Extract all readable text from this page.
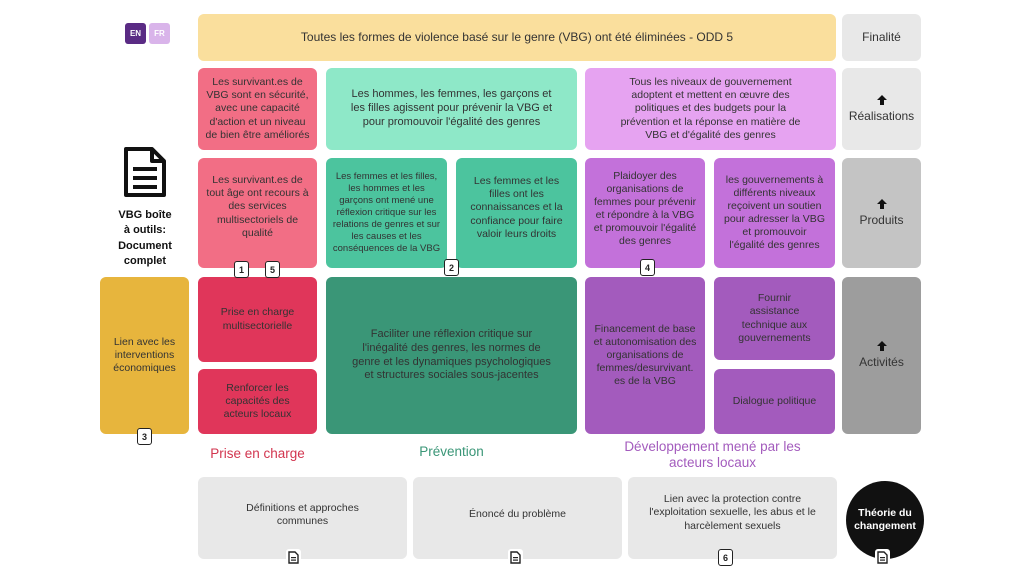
EN	FR
VBG boîte
à outils:
Document
complet
Toutes les formes de violence basé sur le genre (VBG) ont été éliminées - ODD 5	Finalité
Réalisations
Produits
Activités
Les survivant.es de VBG sont en sécurité, avec une capacité d'action et un niveau de bien être améliorés
Les hommes, les femmes, les garçons et les filles agissent pour prévenir la VBG et pour promouvoir l'égalité des genres
Tous les niveaux de gouvernement adoptent et mettent en œuvre des politiques et des budgets pour la prévention et la réponse en matière de VBG et d'égalité des genres
Les survivant.es de tout âge ont recours à des services multisectoriels de qualité
Les femmes et les filles, les hommes et les garçons ont mené une réflexion critique sur les relations de genres et sur les causes et les conséquences de la VBG
Les femmes et les filles ont les connaissances et la confiance pour faire valoir leurs droits
Plaidoyer des organisations de femmes pour prévenir et répondre à la VBG et promouvoir l'égalité des genres
les gouvernements à différents niveaux reçoivent un soutien pour adresser la VBG et promouvoir l'égalité des genres
Lien avec les interventions économiques
Prise en charge multisectorielle
Renforcer les capacités des acteurs locaux
Faciliter une réflexion critique sur l'inégalité des genres, les normes de genre et les dynamiques psychologiques et structures sociales sous-jacentes
Financement de base et autonomisation des organisations de femmes/desurvivant. es de la VBG
Fournir assistance technique aux gouvernements
Dialogue politique
1	5	2	4
3
Prise en charge	Prévention	Développement mené par les acteurs locaux
Définitions et approches communes
Énoncé du problème
Lien avec la protection contre l'exploitation sexuelle, les abus et le harcèlement sexuels
6
Théorie du changement
